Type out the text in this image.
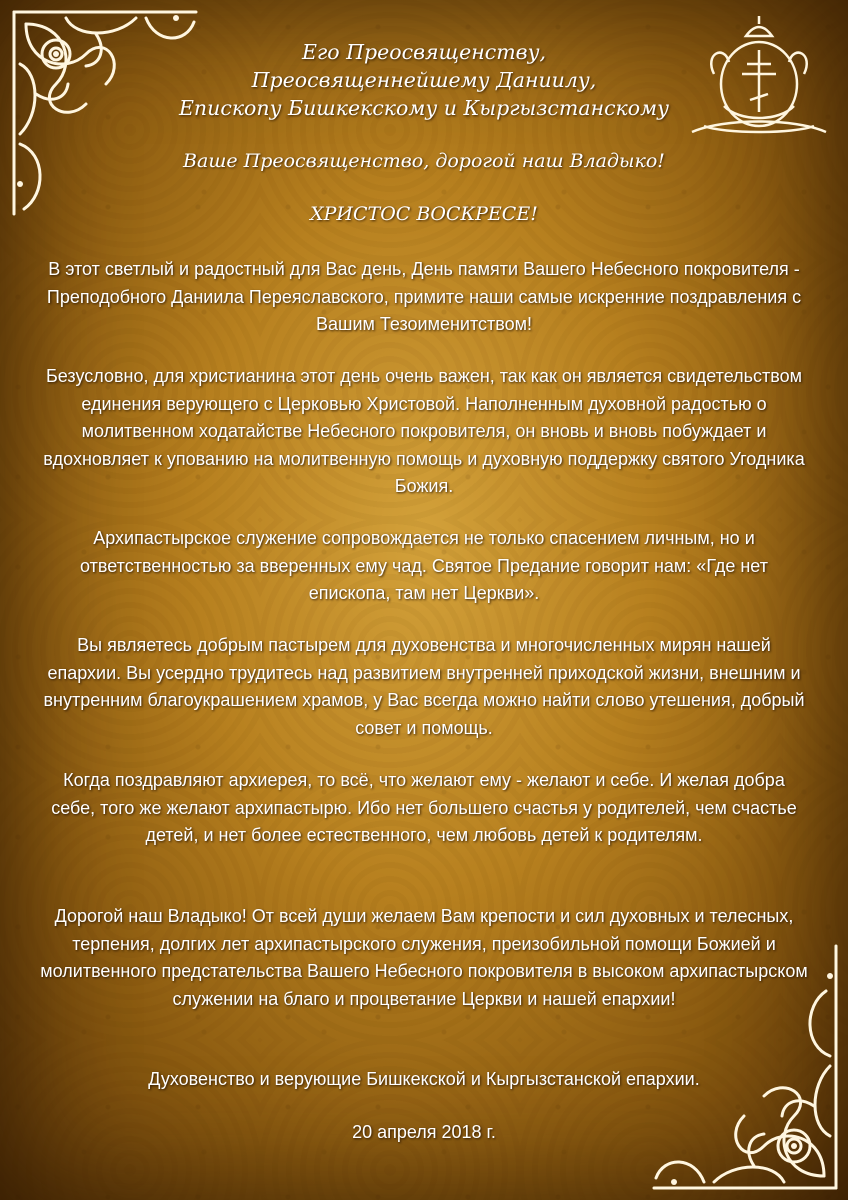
Его Преосвященству,
Преосвященнейшему Даниилу,
Епископу Бишкекскому и Кыргызстанскому
Ваше Преосвященство, дорогой наш Владыко!
ХРИСТОС ВОСКРЕСЕ!
В этот светлый и радостный для Вас день, День памяти Вашего Небесного покровителя - Преподобного Даниила Переяславского, примите наши самые искренние поздравления с Вашим Тезоименитством!
Безусловно, для христианина этот день очень важен, так как он является свидетельством единения верующего с Церковью Христовой. Наполненным духовной радостью о молитвенном ходатайстве Небесного покровителя, он вновь и вновь побуждает и вдохновляет к упованию на молитвенную помощь и духовную поддержку святого Угодника Божия.
Архипастырское служение сопровождается не только спасением личным, но и ответственностью за вверенных ему чад. Святое Предание говорит нам: «Где нет епископа, там нет Церкви».
Вы являетесь добрым пастырем для духовенства и многочисленных мирян нашей епархии. Вы усердно трудитесь над развитием внутренней приходской жизни, внешним и внутренним благоукрашением храмов, у Вас всегда можно найти слово утешения, добрый совет и помощь.
Когда поздравляют архиерея, то всё, что желают ему - желают и себе. И желая добра себе, того же желают архипастырю. Ибо нет большего счастья у родителей, чем счастье детей, и нет более естественного, чем любовь детей к родителям.
Дорогой наш Владыко! От всей души желаем Вам крепости и сил духовных и телесных, терпения, долгих лет архипастырского служения, преизобильной помощи Божией и молитвенного предстательства Вашего Небесного покровителя в высоком архипастырском служении на благо и процветание Церкви и нашей епархии!
Духовенство и верующие Бишкекской и Кыргызстанской епархии.
20 апреля 2018 г.
